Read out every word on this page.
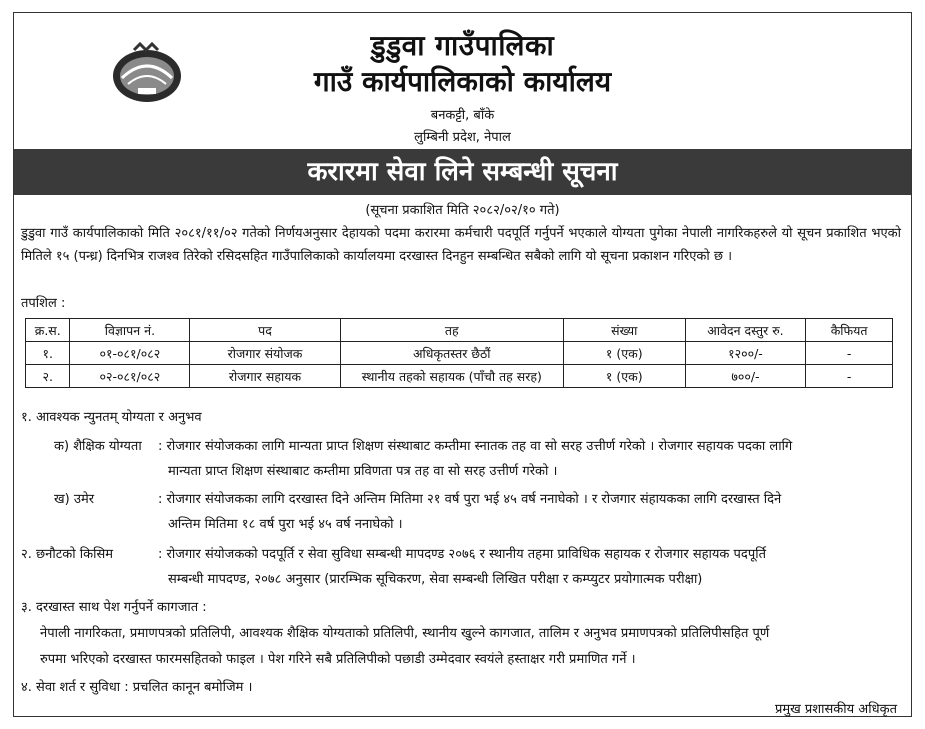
डुडुवा गाउँपालिका
गाउँ कार्यपालिकाको कार्यालय
बनकट्टी, बाँके
लुम्बिनी प्रदेश, नेपाल
करारमा सेवा लिने सम्बन्धी सूचना
(सूचना प्रकाशित मिति २०८२/०२/१० गते)
डुडुवा गाउँ कार्यपालिकाको मिति २०८१/११/०२ गतेको निर्णयअनुसार देहायको पदमा करारमा कर्मचारी पदपूर्ति गर्नुपर्ने भएकाले योग्यता पुगेका नेपाली नागरिकहरुले यो सूचन प्रकाशित भएको मितिले १५ (पन्ध्र) दिनभित्र राजश्व तिरेको रसिदसहित गाउँपालिकाको कार्यालयमा दरखास्त दिनहुन सम्बन्धित सबैको लागि यो सूचना प्रकाशन गरिएको छ ।
तपशिल :
क्र.स.	विज्ञापन नं.	पद	तह	संख्या	आवेदन दस्तुर रु.	कैफियत
१.	०१-०८१/०८२	रोजगार संयोजक	अधिकृतस्तर छैठौं	१ (एक)	१२००/-	-
२.	०२-०८१/०८२	रोजगार सहायक	स्थानीय तहको सहायक (पाँचौ तह सरह)	१ (एक)	७००/-	-
१. आवश्यक न्युनतम् योग्यता र अनुभव
क) शैक्षिक योग्यता : रोजगार संयोजकका लागि मान्यता प्राप्त शिक्षण संस्थाबाट कम्तीमा स्नातक तह वा सो सरह उत्तीर्ण गरेको । रोजगार सहायक पदका लागि
मान्यता प्राप्त शिक्षण संस्थाबाट कम्तीमा प्रविणता पत्र तह वा सो सरह उत्तीर्ण गरेको ।
ख) उमेर	: रोजगार संयोजकका लागि दरखास्त दिने अन्तिम मितिमा २१ वर्ष पुरा भई ४५ वर्ष ननाघेको । र रोजगार संहायकका लागि दरखास्त दिने
अन्तिम मितिमा १८ वर्ष पुरा भई ४५ वर्ष ननाघेको ।
२. छनौटको किसिम	: रोजगार संयोजकको पदपूर्ति र सेवा सुविधा सम्बन्धी मापदण्ड २०७६ र स्थानीय तहमा प्राविधिक सहायक र रोजगार सहायक पदपूर्ति
सम्बन्धी मापदण्ड, २०७८ अनुसार (प्रारम्भिक सूचिकरण, सेवा सम्बन्धी लिखित परीक्षा र कम्प्युटर प्रयोगात्मक परीक्षा)
३. दरखास्त साथ पेश गर्नुपर्ने कागजात :
नेपाली नागरिकता, प्रमाणपत्रको प्रतिलिपी, आवश्यक शैक्षिक योग्यताको प्रतिलिपी, स्थानीय खुल्ने कागजात, तालिम र अनुभव प्रमाणपत्रको प्रतिलिपीसहित पूर्ण
रुपमा भरिएको दरखास्त फारमसहितको फाइल । पेश गरिने सबै प्रतिलिपीको पछाडी उम्मेदवार स्वयंले हस्ताक्षर गरी प्रमाणित गर्ने ।
४. सेवा शर्त र सुविधा : प्रचलित कानून बमोजिम ।
प्रमुख प्रशासकीय अधिकृत
